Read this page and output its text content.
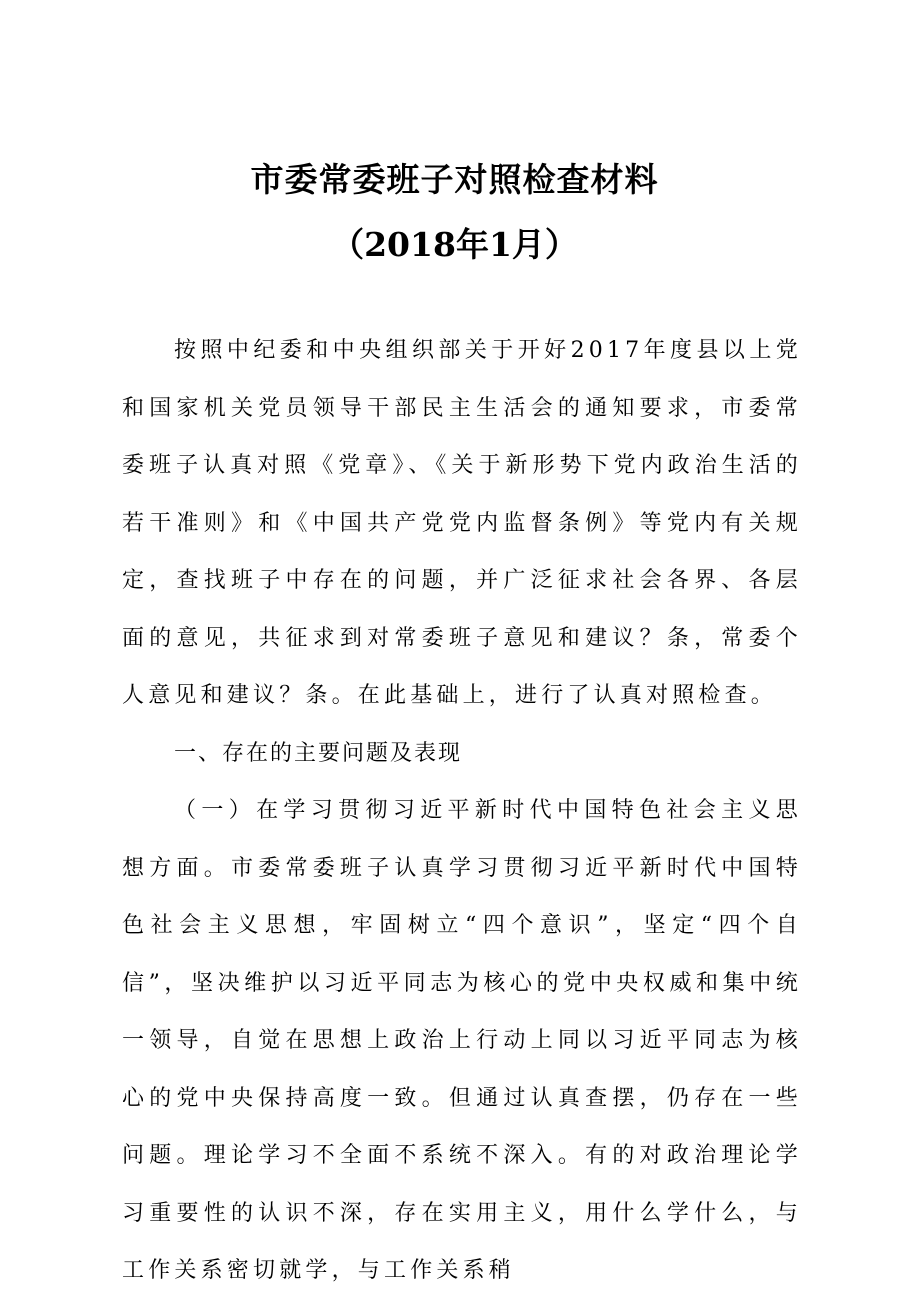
市委常委班子对照检查材料
（2018年1月）

按照中纪委和中央组织部关于开好2017年度县以上党和国家机关党员领导干部民主生活会的通知要求，市委常委班子认真对照《党章》、《关于新形势下党内政治生活的若干准则》和《中国共产党党内监督条例》等党内有关规定，查找班子中存在的问题，并广泛征求社会各界、各层面的意见，共征求到对常委班子意见和建议？条，常委个人意见和建议？条。在此基础上，进行了认真对照检查。

一、存在的主要问题及表现

（一）在学习贯彻习近平新时代中国特色社会主义思想方面。市委常委班子认真学习贯彻习近平新时代中国特色社会主义思想，牢固树立“四个意识”，坚定“四个自信”，坚决维护以习近平同志为核心的党中央权威和集中统一领导，自觉在思想上政治上行动上同以习近平同志为核心的党中央保持高度一致。但通过认真查摆，仍存在一些问题。理论学习不全面不系统不深入。有的对政治理论学习重要性的认识不深，存在实用主义，用什么学什么，与工作关系密切就学，与工作关系稍
